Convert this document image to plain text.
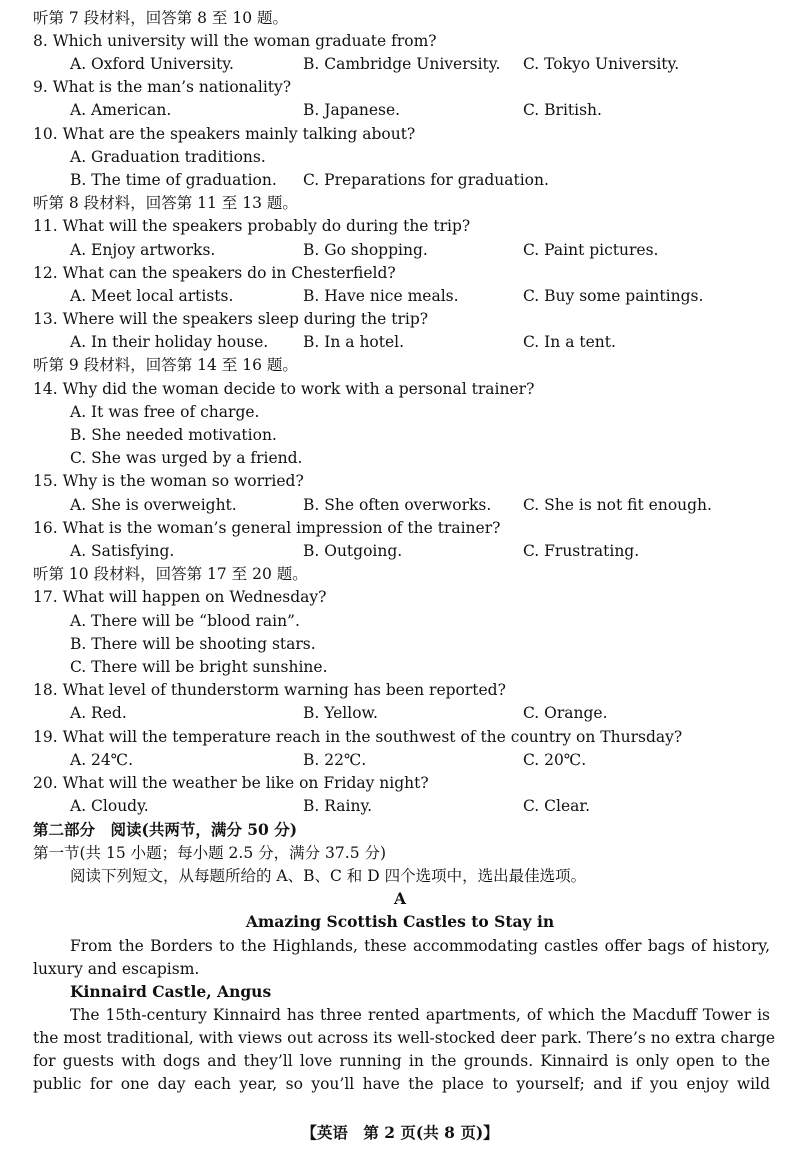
听第 7 段材料，回答第 8 至 10 题。
8. Which university will the woman graduate from?
A. Oxford University.	B. Cambridge University. C. Tokyo University.
9. What is the man’s nationality?
A. American.	B. Japanese.	C. British.
10. What are the speakers mainly talking about?
A. Graduation traditions.
B. The time of graduation. C. Preparations for graduation.
听第 8 段材料，回答第 11 至 13 题。
11. What will the speakers probably do during the trip?
A. Enjoy artworks.	B. Go shopping.	C. Paint pictures.
12. What can the speakers do in Chesterfield?
A. Meet local artists.	B. Have nice meals.	C. Buy some paintings.
13. Where will the speakers sleep during the trip?
A. In their holiday house. B. In a hotel.	C. In a tent.
听第 9 段材料，回答第 14 至 16 题。
14. Why did the woman decide to work with a personal trainer?
A. It was free of charge.
B. She needed motivation.
C. She was urged by a friend.
15. Why is the woman so worried?
A. She is overweight.	B. She often overworks. C. She is not fit enough.
16. What is the woman’s general impression of the trainer?
A. Satisfying.	B. Outgoing.	C. Frustrating.
听第 10 段材料，回答第 17 至 20 题。
17. What will happen on Wednesday?
A. There will be “blood rain”.
B. There will be shooting stars.
C. There will be bright sunshine.
18. What level of thunderstorm warning has been reported?
A. Red.	B. Yellow.	C. Orange.
19. What will the temperature reach in the southwest of the country on Thursday?
A. 24℃.	B. 22℃.	C. 20℃.
20. What will the weather be like on Friday night?
A. Cloudy.	B. Rainy.	C. Clear.
第二部分　阅读(共两节，满分 50 分)
第一节(共 15 小题；每小题 2.5 分，满分 37.5 分)
阅读下列短文，从每题所给的 A、B、C 和 D 四个选项中，选出最佳选项。
A
Amazing Scottish Castles to Stay in
From the Borders to the Highlands, these accommodating castles offer bags of history,
luxury and escapism.
Kinnaird Castle, Angus
The 15th-century Kinnaird has three rented apartments, of which the Macduff Tower is
the most traditional, with views out across its well-stocked deer park. There’s no extra charge
for guests with dogs and they’ll love running in the grounds. Kinnaird is only open to the
public for one day each year, so you’ll have the place to yourself; and if you enjoy wild
【英语　第 2 页(共 8 页)】
